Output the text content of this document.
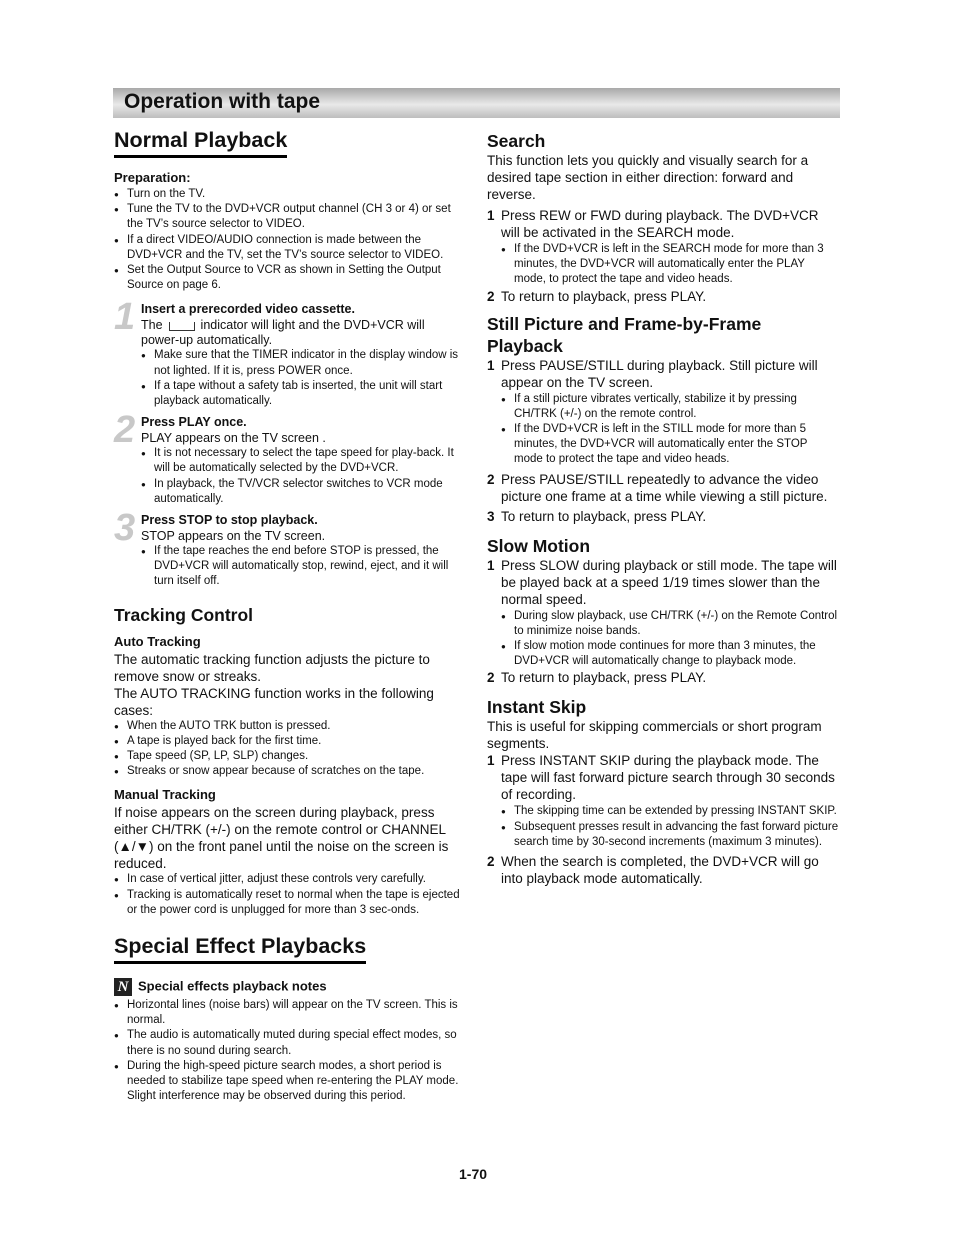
Operation with tape
Normal Playback
Preparation:
● Turn on the TV.
● Tune the TV to the DVD+VCR output channel (CH 3 or 4) or set the TV’s source selector to VIDEO.
● If a direct VIDEO/AUDIO connection is made between the DVD+VCR and the TV, set the TV’s source selector to VIDEO.
● Set the Output Source to VCR as shown in Setting the Output Source on page 6.
1 Insert a prerecorded video cassette.

The	indicator will light and the DVD+VCR will power-up automatically.

● Make sure that the TIMER indicator in the display window is not lighted. If it is, press POWER once.
● If a tape without a safety tab is inserted, the unit will start playback automatically.
2 Press PLAY once.

PLAY appears on the TV screen .

● It is not necessary to select the tape speed for play-back. It will be automatically selected by the DVD+VCR.
● In playback, the TV/VCR selector switches to VCR mode automatically.
3 Press STOP to stop playback.

STOP appears on the TV screen.

● If the tape reaches the end before STOP is pressed, the DVD+VCR will automatically stop, rewind, eject, and it will turn itself off.
Tracking Control
Auto Tracking

The automatic tracking function adjusts the picture to remove snow or streaks.

The AUTO TRACKING function works in the following cases:

● When the AUTO TRK button is pressed.
● A tape is played back for the first time.
● Tape speed (SP, LP, SLP) changes.
● Streaks or snow appear because of scratches on the tape.
Manual Tracking

If noise appears on the screen during playback, press either CH/TRK (+/-) on the remote control or CHANNEL (▲/▼) on the front panel until the noise on the screen is reduced.

● In case of vertical jitter, adjust these controls very carefully.
● Tracking is automatically reset to normal when the tape is ejected or the power cord is unplugged for more than 3 sec-onds.
Special Effect Playbacks
N Special effects playback notes
● Horizontal lines (noise bars) will appear on the TV screen. This is normal.
● The audio is automatically muted during special effect modes, so there is no sound during search.
● During the high-speed picture search modes, a short period is needed to stabilize tape speed when re-entering the PLAY mode. Slight interference may be observed during this period.
Search

This function lets you quickly and visually search for a desired tape section in either direction: forward and reverse.

1 Press REW or FWD during playback. The DVD+VCR will be activated in the SEARCH mode.
● If the DVD+VCR is left in the SEARCH mode for more than 3 minutes, the DVD+VCR will automatically enter the PLAY mode, to protect the tape and video heads.
2 To return to playback, press PLAY.
Still Picture and Frame-by-Frame Playback
1 Press PAUSE/STILL during playback. Still picture will appear on the TV screen.
● If a still picture vibrates vertically, stabilize it by pressing CH/TRK (+/-) on the remote control.
● If the DVD+VCR is left in the STILL mode for more than 5 minutes, the DVD+VCR will automatically enter the STOP mode to protect the tape and video heads.
2 Press PAUSE/STILL repeatedly to advance the video picture one frame at a time while viewing a still picture.
3 To return to playback, press PLAY.
Slow Motion
1 Press SLOW during playback or still mode. The tape will be played back at a speed 1/19 times slower than the normal speed.
● During slow playback, use CH/TRK (+/-) on the Remote Control to minimize noise bands.
● If slow motion mode continues for more than 3 minutes, the DVD+VCR will automatically change to playback mode.
2 To return to playback, press PLAY.
Instant Skip

This is useful for skipping commercials or short program segments.

1 Press INSTANT SKIP during the playback mode. The tape will fast forward picture search through 30 seconds of recording.
● The skipping time can be extended by pressing INSTANT SKIP.
● Subsequent presses result in advancing the fast forward picture search time by 30-second increments (maximum 3 minutes).
2 When the search is completed, the DVD+VCR will go into playback mode automatically.
1-70
